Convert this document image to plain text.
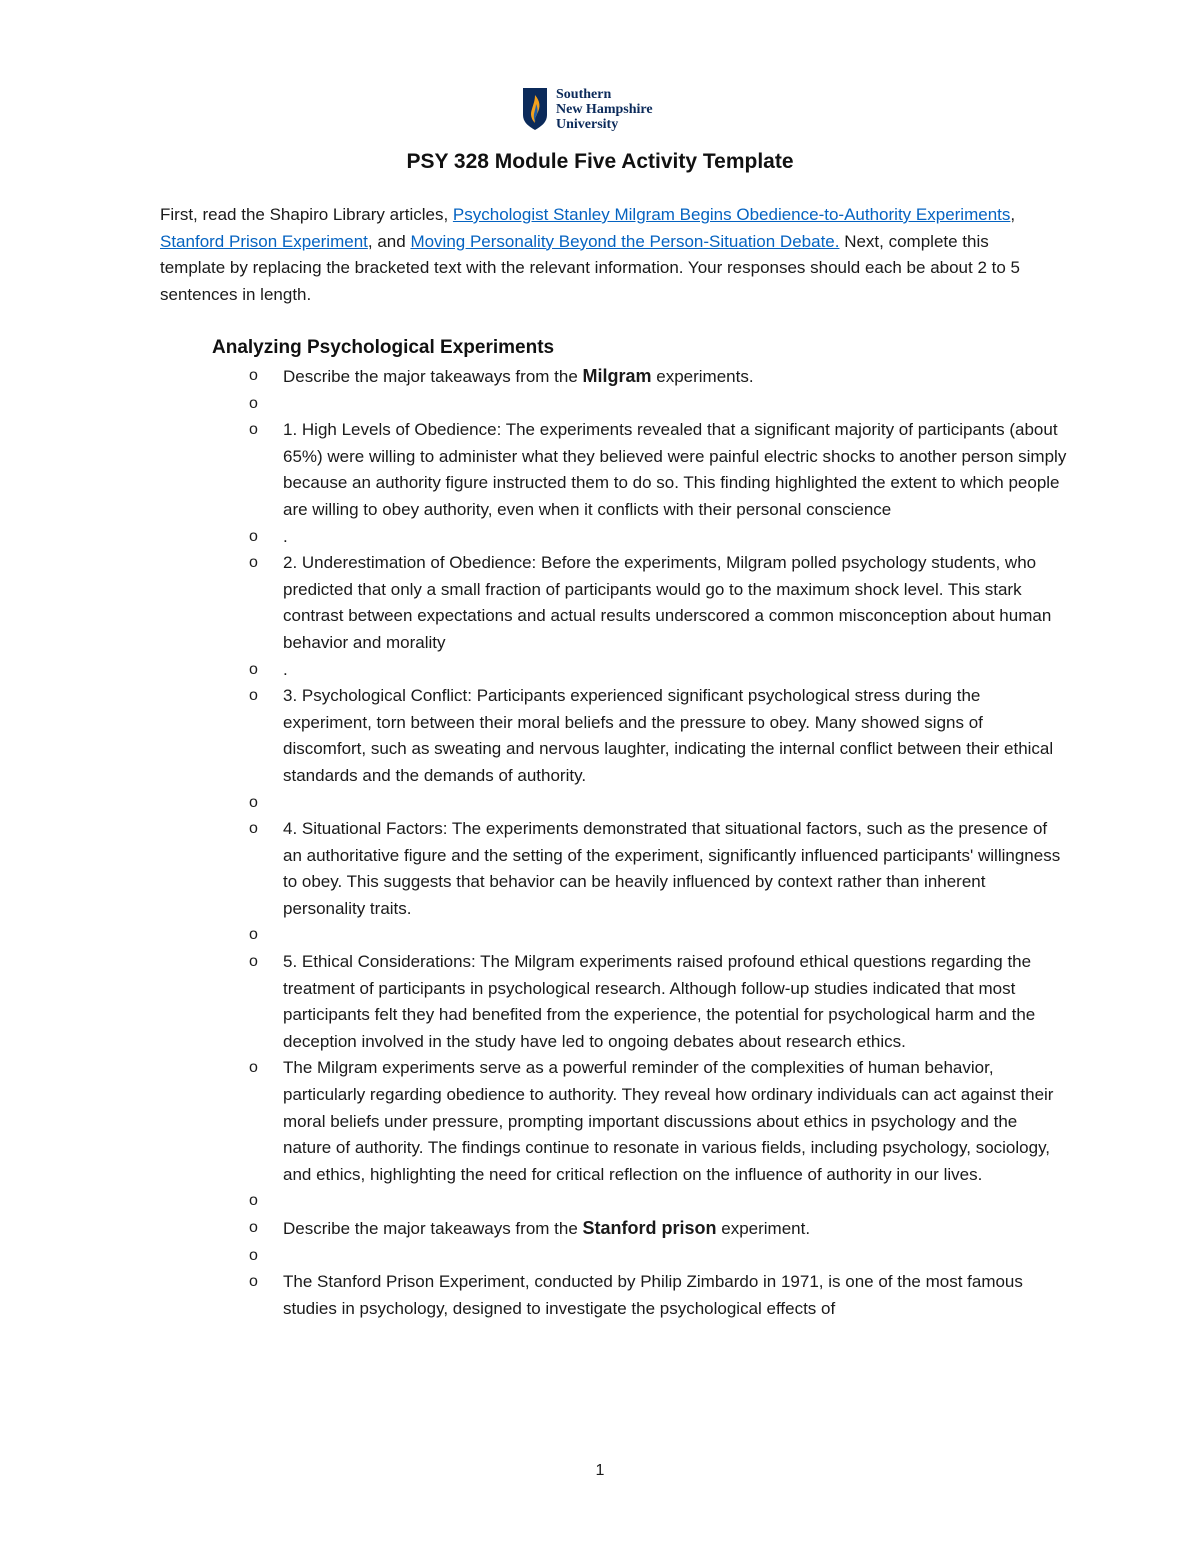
Southern
New Hampshire
University
PSY 328 Module Five Activity Template
First, read the Shapiro Library articles, Psychologist Stanley Milgram Begins Obedience-to-Authority Experiments, Stanford Prison Experiment, and Moving Personality Beyond the Person-Situation Debate. Next, complete this template by replacing the bracketed text with the relevant information. Your responses should each be about 2 to 5 sentences in length.
Analyzing Psychological Experiments
o Describe the major takeaways from the Milgram experiments.
o
o 1. High Levels of Obedience: The experiments revealed that a significant majority of participants (about 65%) were willing to administer what they believed were painful electric shocks to another person simply because an authority figure instructed them to do so. This finding highlighted the extent to which people are willing to obey authority, even when it conflicts with their personal conscience
o .
o 2. Underestimation of Obedience: Before the experiments, Milgram polled psychology students, who predicted that only a small fraction of participants would go to the maximum shock level. This stark contrast between expectations and actual results underscored a common misconception about human behavior and morality
o .
o 3. Psychological Conflict: Participants experienced significant psychological stress during the experiment, torn between their moral beliefs and the pressure to obey. Many showed signs of discomfort, such as sweating and nervous laughter, indicating the internal conflict between their ethical standards and the demands of authority.
o
o 4. Situational Factors: The experiments demonstrated that situational factors, such as the presence of an authoritative figure and the setting of the experiment, significantly influenced participants' willingness to obey. This suggests that behavior can be heavily influenced by context rather than inherent personality traits.
o
o 5. Ethical Considerations: The Milgram experiments raised profound ethical questions regarding the treatment of participants in psychological research. Although follow-up studies indicated that most participants felt they had benefited from the experience, the potential for psychological harm and the deception involved in the study have led to ongoing debates about research ethics.
o The Milgram experiments serve as a powerful reminder of the complexities of human behavior, particularly regarding obedience to authority. They reveal how ordinary individuals can act against their moral beliefs under pressure, prompting important discussions about ethics in psychology and the nature of authority. The findings continue to resonate in various fields, including psychology, sociology, and ethics, highlighting the need for critical reflection on the influence of authority in our lives.
o
o Describe the major takeaways from the Stanford prison experiment.
o
o The Stanford Prison Experiment, conducted by Philip Zimbardo in 1971, is one of the most famous studies in psychology, designed to investigate the psychological effects of
1
